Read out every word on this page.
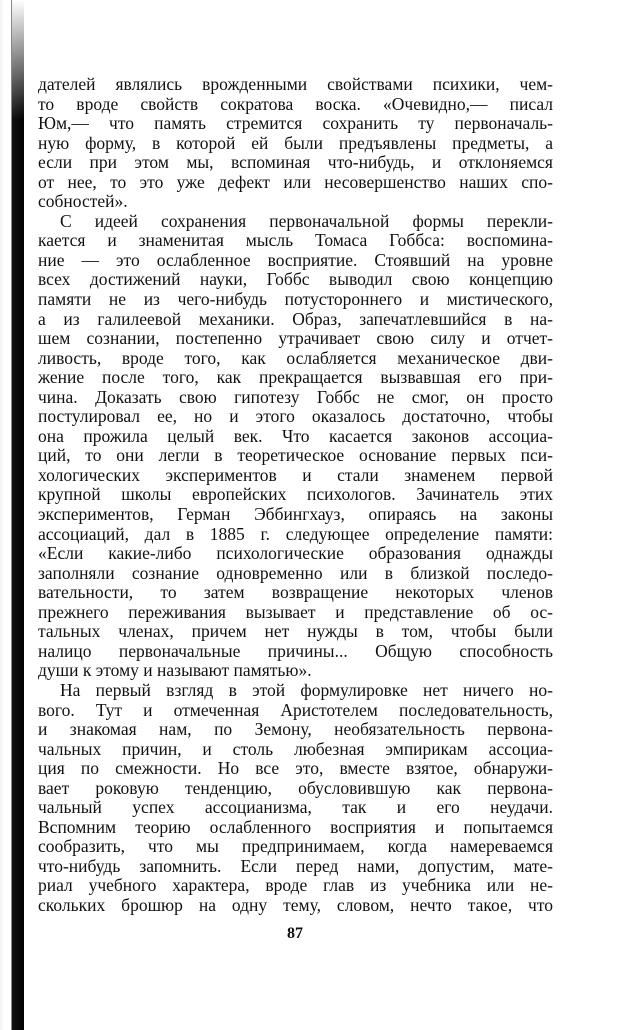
дателей являлись врожденными свойствами психики, чем-
то вроде свойств сократова воска. «Очевидно,— писал
Юм,— что память стремится сохранить ту первоначаль-
ную форму, в которой ей были предъявлены предметы, а
если при этом мы, вспоминая что-нибудь, и отклоняемся
от нее, то это уже дефект или несовершенство наших спо-
собностей».
С идеей сохранения первоначальной формы перекли-
кается и знаменитая мысль Томаса Гоббса: воспомина-
ние — это ослабленное восприятие. Стоявший на уровне
всех достижений науки, Гоббс выводил свою концепцию
памяти не из чего-нибудь потустороннего и мистического,
а из галилеевой механики. Образ, запечатлевшийся в на-
шем сознании, постепенно утрачивает свою силу и отчет-
ливость, вроде того, как ослабляется механическое дви-
жение после того, как прекращается вызвавшая его при-
чина. Доказать свою гипотезу Гоббс не смог, он просто
постулировал ее, но и этого оказалось достаточно, чтобы
она прожила целый век. Что касается законов ассоциа-
ций, то они легли в теоретическое основание первых пси-
хологических экспериментов и стали знаменем первой
крупной школы европейских психологов. Зачинатель этих
экспериментов, Герман Эббингхауз, опираясь на законы
ассоциаций, дал в 1885 г. следующее определение памяти:
«Если какие-либо психологические образования однажды
заполняли сознание одновременно или в близкой последо-
вательности, то затем возвращение некоторых членов
прежнего переживания вызывает и представление об ос-
тальных членах, причем нет нужды в том, чтобы были
налицо первоначальные причины... Общую способность
души к этому и называют памятью».
На первый взгляд в этой формулировке нет ничего но-
вого. Тут и отмеченная Аристотелем последовательность,
и знакомая нам, по Земону, необязательность первона-
чальных причин, и столь любезная эмпирикам ассоциа-
ция по смежности. Но все это, вместе взятое, обнаружи-
вает роковую тенденцию, обусловившую как первона-
чальный успех ассоцианизма, так и его неудачи.
Вспомним теорию ослабленного восприятия и попытаемся
сообразить, что мы предпринимаем, когда намереваемся
что-нибудь запомнить. Если перед нами, допустим, мате-
риал учебного характера, вроде глав из учебника или не-
скольких брошюр на одну тему, словом, нечто такое, что
87
